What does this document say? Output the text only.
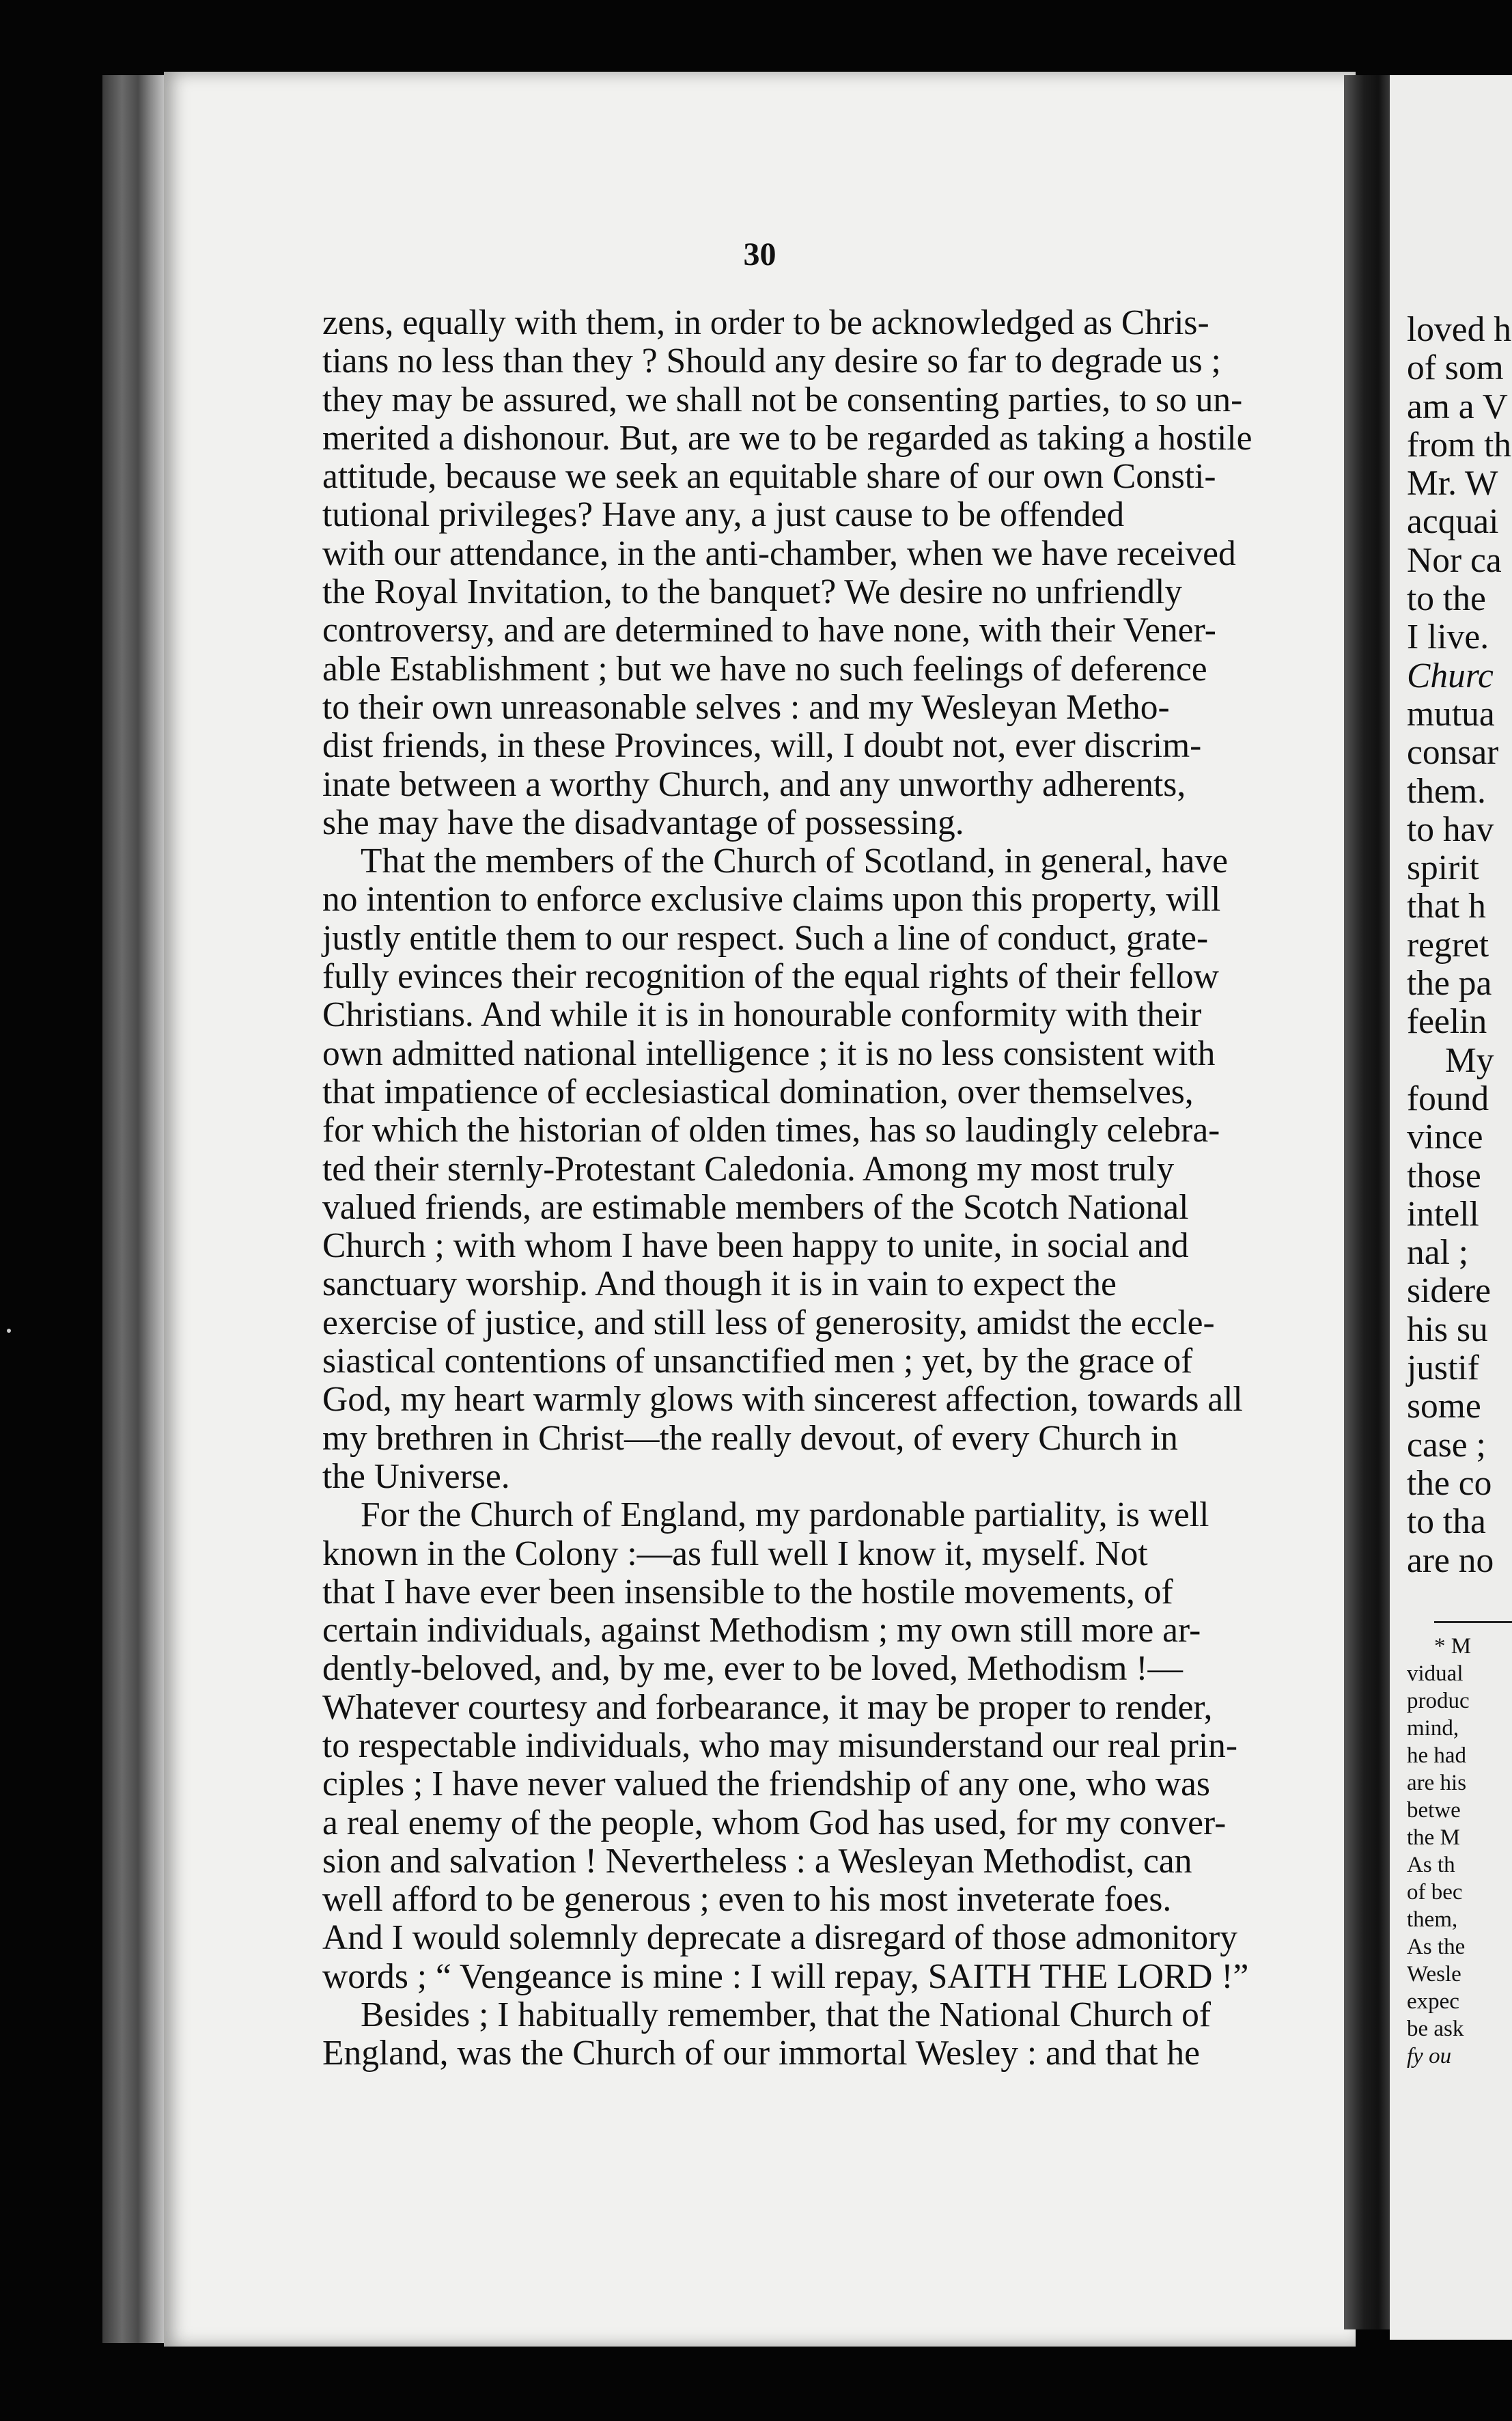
30
zens, equally with them, in order to be acknowledged as Chris-
tians no less than they ? Should any desire so far to degrade us ;
they may be assured, we shall not be consenting parties, to so un-
merited a dishonour. But, are we to be regarded as taking a hostile
attitude, because we seek an equitable share of our own Consti-
tutional privileges? Have any, a just cause to be offended
with our attendance, in the anti-chamber, when we have received
the Royal Invitation, to the banquet? We desire no unfriendly
controversy, and are determined to have none, with their Vener-
able Establishment ; but we have no such feelings of deference
to their own unreasonable selves : and my Wesleyan Metho-
dist friends, in these Provinces, will, I doubt not, ever discrim-
inate between a worthy Church, and any unworthy adherents,
she may have the disadvantage of possessing.
That the members of the Church of Scotland, in general, have
no intention to enforce exclusive claims upon this property, will
justly entitle them to our respect. Such a line of conduct, grate-
fully evinces their recognition of the equal rights of their fellow
Christians. And while it is in honourable conformity with their
own admitted national intelligence ; it is no less consistent with
that impatience of ecclesiastical domination, over themselves,
for which the historian of olden times, has so laudingly celebra-
ted their sternly-Protestant Caledonia. Among my most truly
valued friends, are estimable members of the Scotch National
Church ; with whom I have been happy to unite, in social and
sanctuary worship. And though it is in vain to expect the
exercise of justice, and still less of generosity, amidst the eccle-
siastical contentions of unsanctified men ; yet, by the grace of
God, my heart warmly glows with sincerest affection, towards all
my brethren in Christ—the really devout, of every Church in
the Universe.
For the Church of England, my pardonable partiality, is well
known in the Colony :—as full well I know it, myself. Not
that I have ever been insensible to the hostile movements, of
certain individuals, against Methodism ; my own still more ar-
dently-beloved, and, by me, ever to be loved, Methodism !—
Whatever courtesy and forbearance, it may be proper to render,
to respectable individuals, who may misunderstand our real prin-
ciples ; I have never valued the friendship of any one, who was
a real enemy of the people, whom God has used, for my conver-
sion and salvation ! Nevertheless : a Wesleyan Methodist, can
well afford to be generous ; even to his most inveterate foes.
And I would solemnly deprecate a disregard of those admonitory
words ; “ Vengeance is mine : I will repay, SAITH THE LORD !”
Besides ; I habitually remember, that the National Church of
England, was the Church of our immortal Wesley : and that he
loved h
of som
am a V
from th
Mr. W
acquai
Nor ca
to the
I live.
Churc
mutua
consar
them.
to hav
spirit
that h
regret
the pa
feelin
My
found
vince
those
intell
nal ;
sidere
his su
justif
some
case ;
the co
to tha
are no
* M
vidual
produc
mind,
he had
are his
betwe
the M
As th
of bec
them,
As the
Wesle
expec
be ask
fy ou
